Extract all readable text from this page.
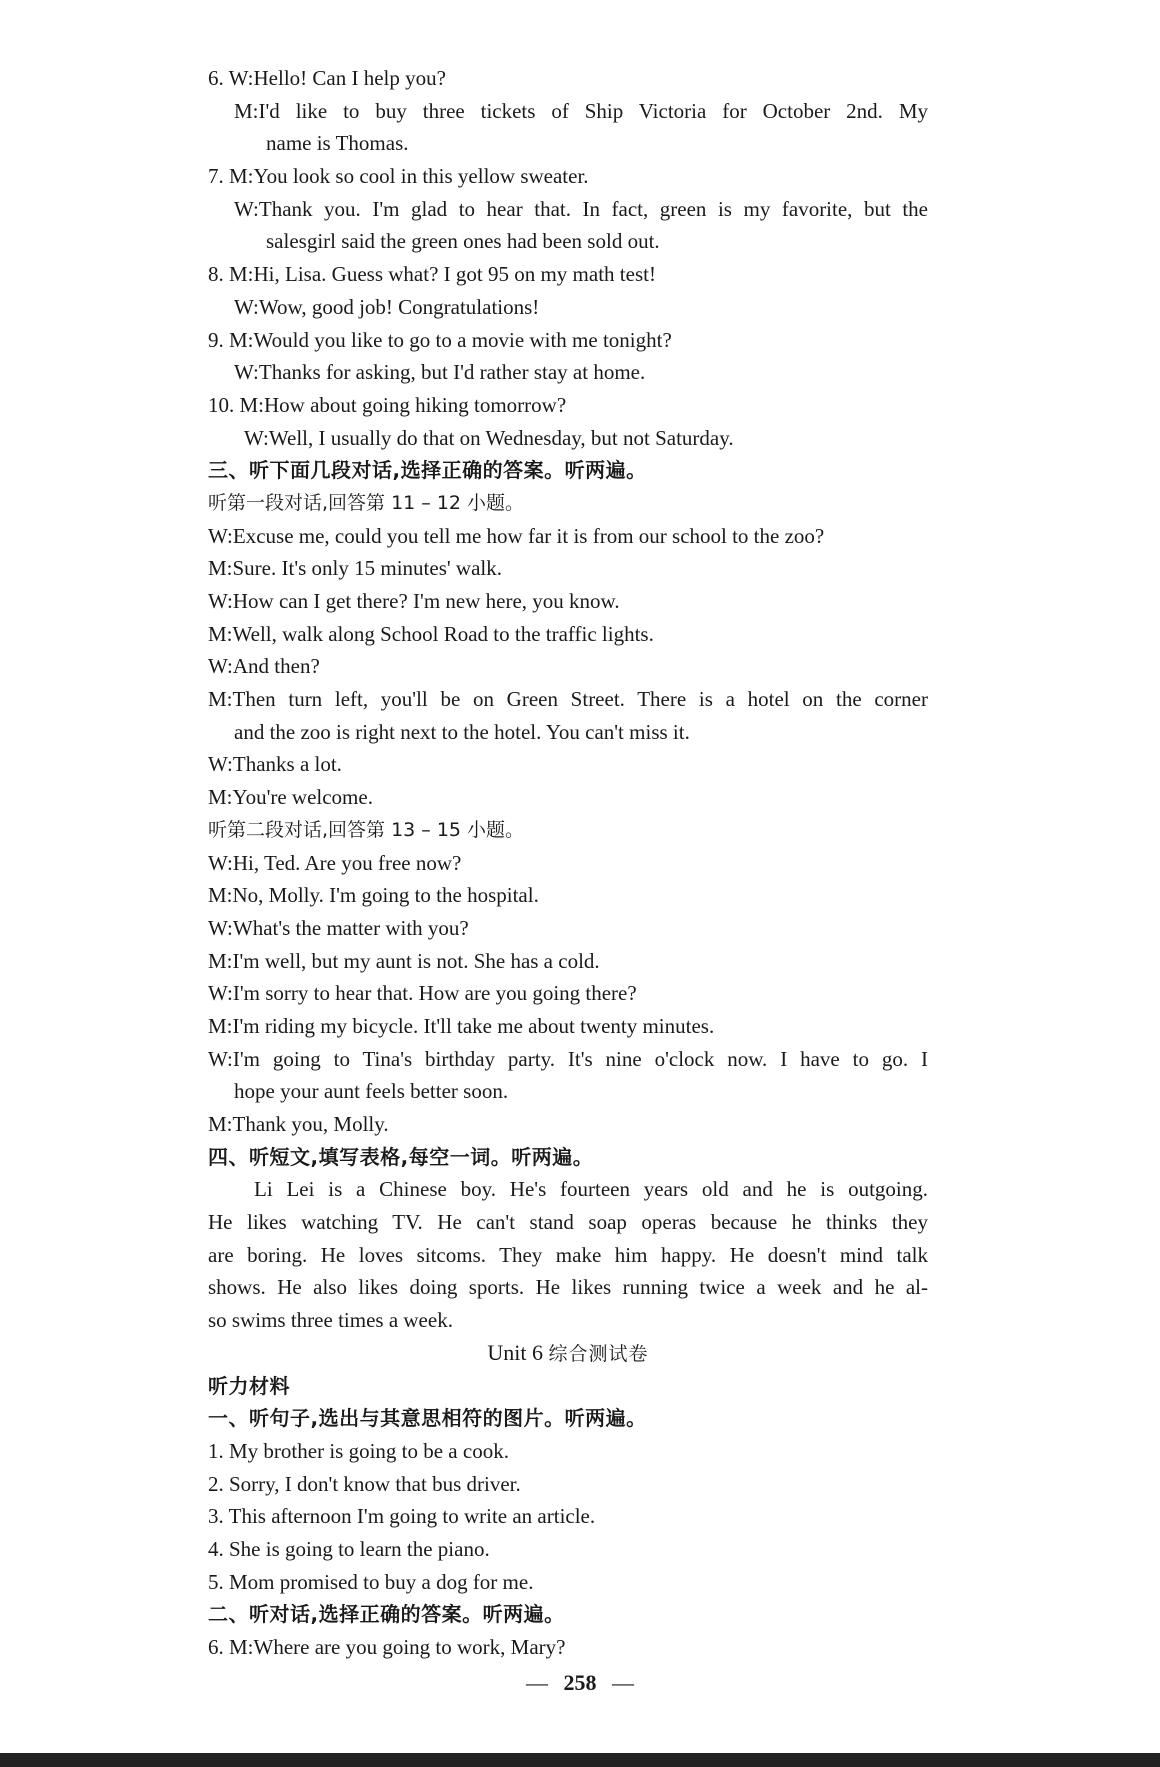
6. W:Hello! Can I help you?
M:I'd like to buy three tickets of Ship Victoria for October 2nd. My
name is Thomas.
7. M:You look so cool in this yellow sweater.
W:Thank you. I'm glad to hear that. In fact, green is my favorite, but the
salesgirl said the green ones had been sold out.
8. M:Hi, Lisa. Guess what? I got 95 on my math test!
W:Wow, good job! Congratulations!
9. M:Would you like to go to a movie with me tonight?
W:Thanks for asking, but I'd rather stay at home.
10. M:How about going hiking tomorrow?
W:Well, I usually do that on Wednesday, but not Saturday.
三、听下面几段对话,选择正确的答案。听两遍。
听第一段对话,回答第 11 – 12 小题。
W:Excuse me, could you tell me how far it is from our school to the zoo?
M:Sure. It's only 15 minutes' walk.
W:How can I get there? I'm new here, you know.
M:Well, walk along School Road to the traffic lights.
W:And then?
M:Then turn left, you'll be on Green Street. There is a hotel on the corner
and the zoo is right next to the hotel. You can't miss it.
W:Thanks a lot.
M:You're welcome.
听第二段对话,回答第 13 – 15 小题。
W:Hi, Ted. Are you free now?
M:No, Molly. I'm going to the hospital.
W:What's the matter with you?
M:I'm well, but my aunt is not. She has a cold.
W:I'm sorry to hear that. How are you going there?
M:I'm riding my bicycle. It'll take me about twenty minutes.
W:I'm going to Tina's birthday party. It's nine o'clock now. I have to go. I
hope your aunt feels better soon.
M:Thank you, Molly.
四、听短文,填写表格,每空一词。听两遍。
Li Lei is a Chinese boy. He's fourteen years old and he is outgoing.
He likes watching TV. He can't stand soap operas because he thinks they
are boring. He loves sitcoms. They make him happy. He doesn't mind talk
shows. He also likes doing sports. He likes running twice a week and he al-
so swims three times a week.
Unit 6 综合测试卷
听力材料
一、听句子,选出与其意思相符的图片。听两遍。
1. My brother is going to be a cook.
2. Sorry, I don't know that bus driver.
3. This afternoon I'm going to write an article.
4. She is going to learn the piano.
5. Mom promised to buy a dog for me.
二、听对话,选择正确的答案。听两遍。
6. M:Where are you going to work, Mary?
— 258 —
